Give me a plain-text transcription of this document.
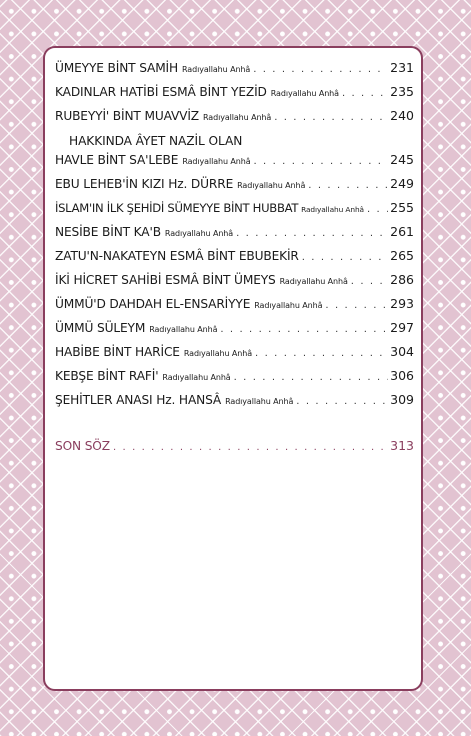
ÜMEYYE BİNT SAMİH Radıyallahu Anhâ . . .	231
KADINLAR HATİBİ ESMÂ BİNT YEZİD Radıyallahu Anhâ . . .	235
RUBEYYİ' BİNT MUAVVİZ Radıyallahu Anhâ . . .	240
HAKKINDA ÂYET NAZİL OLAN
HAVLE BİNT SA'LEBE Radıyallahu Anhâ . . .	245
EBU LEHEB'İN KIZI Hz. DÜRRE Radıyallahu Anhâ . . .	249
İSLAM'IN İLK ŞEHİDİ SÜMEYYE BİNT HUBBAT Radıyallahu Anhâ . . . 255
NESİBE BİNT KA'B Radıyallahu Anhâ . . .	261
ZATU'N-NAKATEYN ESMÂ BİNT EBUBEKİR . . .	265
İKİ HİCRET SAHİBİ ESMÂ BİNT ÜMEYS Radıyallahu Anhâ . . .	286
ÜMMÜ'D DAHDAH EL-ENSARİYYE Radıyallahu Anhâ . . .	293
ÜMMÜ SÜLEYM Radıyallahu Anhâ . . .	297
HABİBE BİNT HARİCE Radıyallahu Anhâ . . .	304
KEBŞE BİNT RAFİ' Radıyallahu Anhâ . . .	306
ŞEHİTLER ANASI Hz. HANSÂ Radıyallahu Anhâ . . .	309
SON SÖZ . . .	313
